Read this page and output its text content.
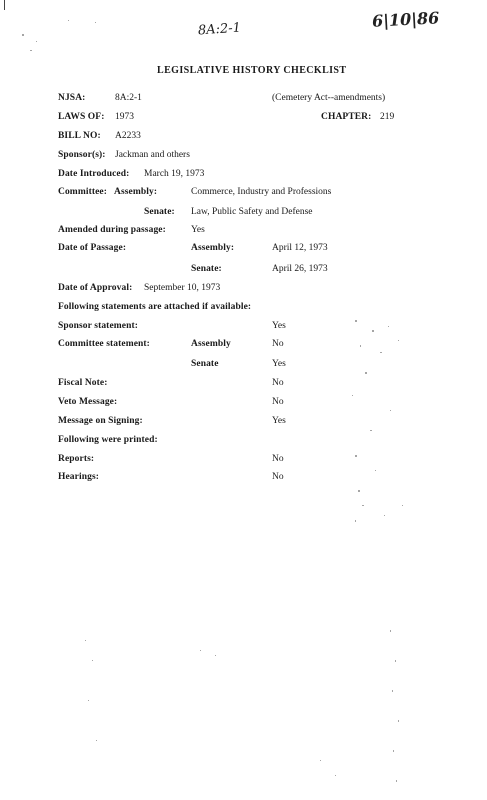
8A:2-1	6|10|86
LEGISLATIVE HISTORY CHECKLIST
NJSA:	8A:2-1	(Cemetery Act--amendments)
LAWS OF: 1973	CHAPTER: 219
BILL NO: A2233
Sponsor(s): Jackman and others
Date Introduced: March 19, 1973
Committee: Assembly:	Commerce, Industry and Professions
Senate: Law, Public Safety and Defense
Amended during passage:	Yes
Date of Passage:	Assembly:	April 12, 1973
Senate:	April 26, 1973
Date of Approval: September 10, 1973
Following statements are attached if available:
Sponsor statement:	Yes
Committee statement:	Assembly	No
Senate	Yes
Fiscal Note:	No
Veto Message:	No
Message on Signing:	Yes
Following were printed:
Reports:	No
Hearings:	No
